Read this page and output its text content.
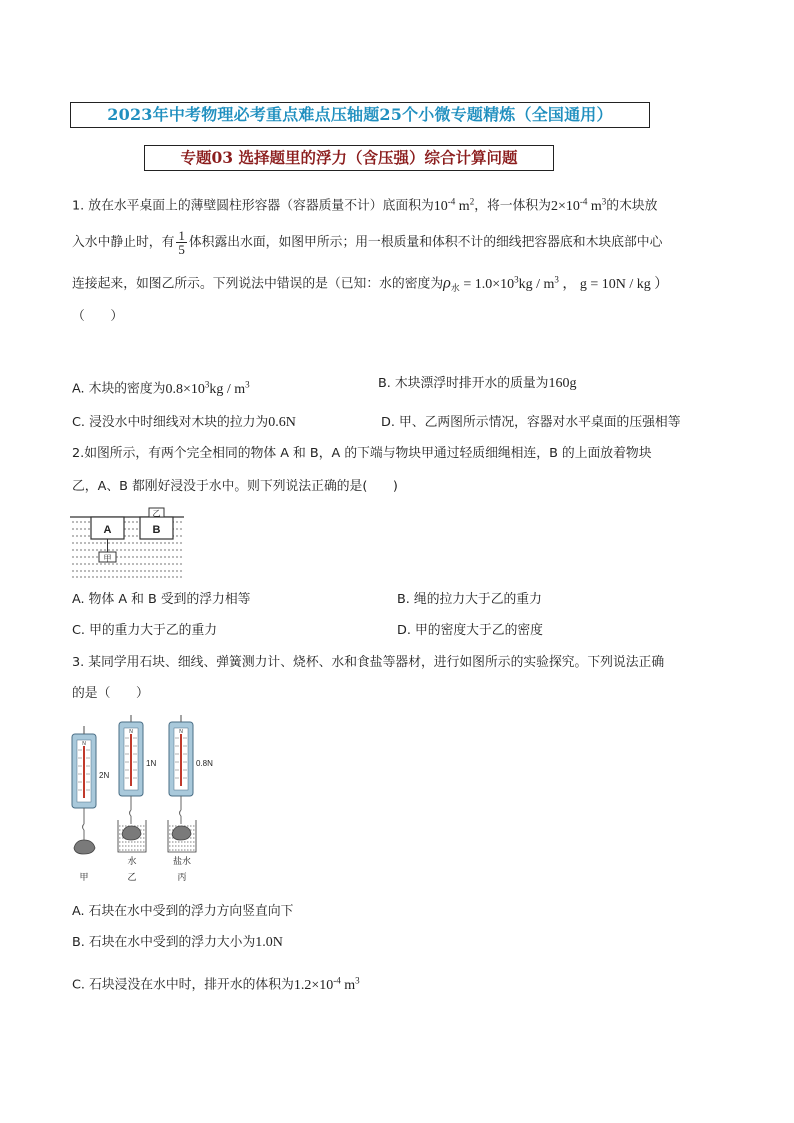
2023年中考物理必考重点难点压轴题25个小微专题精炼（全国通用）
专题03 选择题里的浮力（含压强）综合计算问题
1. 放在水平桌面上的薄壁圆柱形容器（容器质量不计）底面积为$10^{-4}$ $m^2$，将一体积为$2\times 10^{-4}$ $m^3$的木块放
入水中静止时，有 $\frac{1}{5}$ 体积露出水面，如图甲所示；用一根质量和体积不计的细线把容器底和木块底部中心
连接起来，如图乙所示。下列说法中错误的是（已知：水的密度为$\rho_水 = 1.0\times 10^3kg / m^3$ ， g = 10N / kg ）
（　　）
A. 木块的密度为$0.8\times 10^3kg / m^3$	B. 木块漂浮时排开水的质量为160g
C. 浸没水中时细线对木块的拉力为0.6N	D. 甲、乙两图所示情况，容器对水平桌面的压强相等
2.如图所示，有两个完全相同的物体 A 和 B，A 的下端与物块甲通过轻质细绳相连，B 的上面放着物块
乙，A、B 都刚好浸没于水中。则下列说法正确的是(　　)
A
甲
B
乙
A. 物体 A 和 B 受到的浮力相等	B. 绳的拉力大于乙的重力
C. 甲的重力大于乙的重力	D. 甲的密度大于乙的密度
3. 某同学用石块、细线、弹簧测力计、烧杯、水和食盐等器材，进行如图所示的实验探究。下列说法正确
的是（　　）
N
2N
N
1N
N
0.8N
水	盐水
甲	乙	丙
A. 石块在水中受到的浮力方向竖直向下
B. 石块在水中受到的浮力大小为1.0N
C. 石块浸没在水中时，排开水的体积为$1.2\times 10^{-4}$ $m^3$
